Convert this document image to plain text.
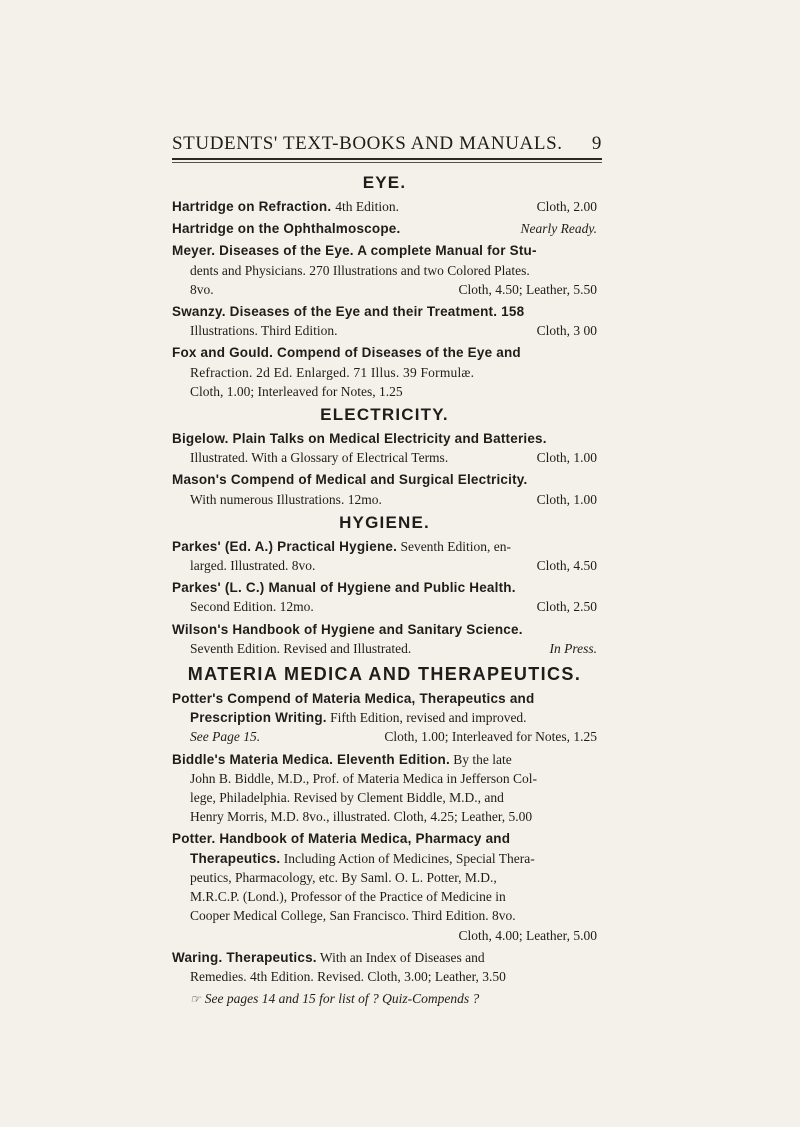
STUDENTS' TEXT-BOOKS AND MANUALS. 9
EYE.
Hartridge on Refraction. 4th Edition.	Cloth, 2.00
Hartridge on the Ophthalmoscope.	Nearly Ready.
Meyer. Diseases of the Eye. A complete Manual for Stu-
dents and Physicians. 270 Illustrations and two Colored Plates.
8vo.	Cloth, 4.50; Leather, 5.50
Swanzy. Diseases of the Eye and their Treatment. 158
Illustrations. Third Edition.	Cloth, 3 00
Fox and Gould. Compend of Diseases of the Eye and
Refraction. 2d Ed. Enlarged. 71 Illus. 39 Formulæ.
Cloth, 1.00; Interleaved for Notes, 1.25
ELECTRICITY.
Bigelow. Plain Talks on Medical Electricity and Batteries.
Illustrated. With a Glossary of Electrical Terms.	Cloth, 1.00
Mason's Compend of Medical and Surgical Electricity.
With numerous Illustrations. 12mo.	Cloth, 1.00
HYGIENE.
Parkes' (Ed. A.) Practical Hygiene. Seventh Edition, en-
larged. Illustrated. 8vo.	Cloth, 4.50
Parkes' (L. C.) Manual of Hygiene and Public Health.
Second Edition. 12mo.	Cloth, 2.50
Wilson's Handbook of Hygiene and Sanitary Science.
Seventh Edition. Revised and Illustrated.	In Press.
MATERIA MEDICA AND THERAPEUTICS.
Potter's Compend of Materia Medica, Therapeutics and
Prescription Writing. Fifth Edition, revised and improved.
See Page 15.	Cloth, 1.00; Interleaved for Notes, 1.25
Biddle's Materia Medica. Eleventh Edition. By the late
John B. Biddle, M.D., Prof. of Materia Medica in Jefferson Col-
lege, Philadelphia. Revised by Clement Biddle, M.D., and
Henry Morris, M.D. 8vo., illustrated. Cloth, 4.25; Leather, 5.00
Potter. Handbook of Materia Medica, Pharmacy and
Therapeutics. Including Action of Medicines, Special Thera-
peutics, Pharmacology, etc. By Saml. O. L. Potter, M.D.,
M.R.C.P. (Lond.), Professor of the Practice of Medicine in
Cooper Medical College, San Francisco. Third Edition. 8vo.
Cloth, 4.00; Leather, 5.00
Waring. Therapeutics. With an Index of Diseases and
Remedies. 4th Edition. Revised. Cloth, 3.00; Leather, 3.50
☞ See pages 14 and 15 for list of ? Quiz-Compends ?
